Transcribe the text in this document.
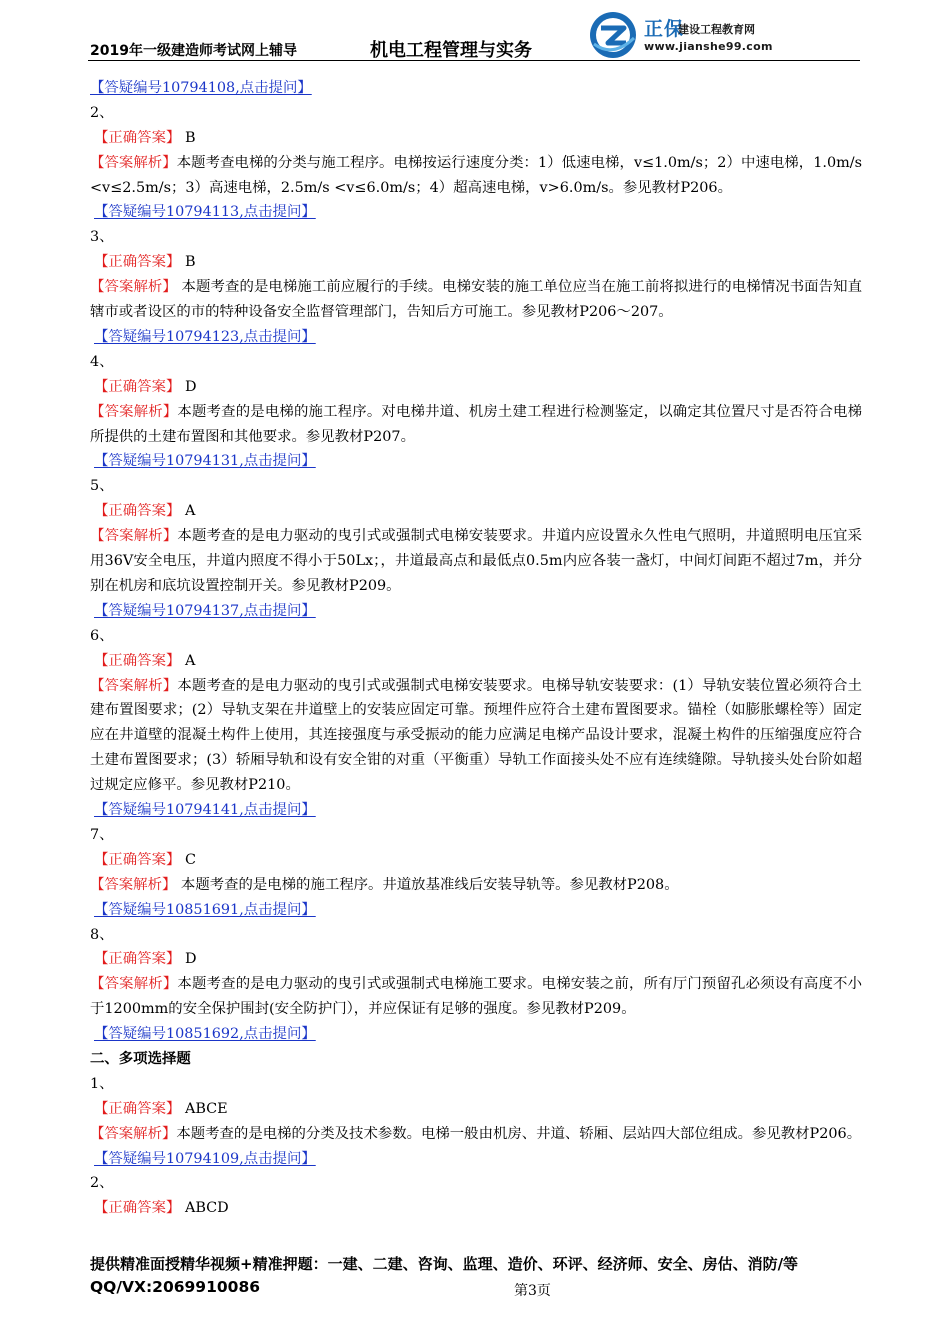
2019年一级建造师考试网上辅导	机电工程管理与实务
正保
建设工程教育网
www.jianshe99.com
【答疑编号10794108,点击提问】
2、
【正确答案】 B
【答案解析】本题考查电梯的分类与施工程序。电梯按运行速度分类：1）低速电梯，v≤1.0m/s；2）中速电梯，1.0m/s <v≤2.5m/s；3）高速电梯，2.5m/s <v≤6.0m/s；4）超高速电梯，v>6.0m/s。参见教材P206。
【答疑编号10794113,点击提问】
3、
【正确答案】 B
【答案解析】 本题考查的是电梯施工前应履行的手续。电梯安装的施工单位应当在施工前将拟进行的电梯情况书面告知直辖市或者设区的市的特种设备安全监督管理部门，告知后方可施工。参见教材P206～207。
【答疑编号10794123,点击提问】
4、
【正确答案】 D
【答案解析】本题考查的是电梯的施工程序。对电梯井道、机房土建工程进行检测鉴定，以确定其位置尺寸是否符合电梯所提供的土建布置图和其他要求。参见教材P207。
【答疑编号10794131,点击提问】
5、
【正确答案】 A
【答案解析】本题考查的是电力驱动的曳引式或强制式电梯安装要求。井道内应设置永久性电气照明，井道照明电压宜采用36V安全电压，井道内照度不得小于50Lx；，井道最高点和最低点0.5m内应各装一盏灯，中间灯间距不超过7m，并分别在机房和底坑设置控制开关。参见教材P209。
【答疑编号10794137,点击提问】
6、
【正确答案】 A
【答案解析】本题考查的是电力驱动的曳引式或强制式电梯安装要求。电梯导轨安装要求：(1）导轨安装位置必须符合土建布置图要求；(2）导轨支架在井道壁上的安装应固定可靠。预埋件应符合土建布置图要求。锚栓（如膨胀螺栓等）固定应在井道壁的混凝土构件上使用，其连接强度与承受振动的能力应满足电梯产品设计要求，混凝土构件的压缩强度应符合土建布置图要求；(3）轿厢导轨和设有安全钳的对重（平衡重）导轨工作面接头处不应有连续缝隙。导轨接头处台阶如超过规定应修平。参见教材P210。
【答疑编号10794141,点击提问】
7、
【正确答案】 C
【答案解析】 本题考查的是电梯的施工程序。井道放基准线后安装导轨等。参见教材P208。
【答疑编号10851691,点击提问】
8、
【正确答案】 D
【答案解析】本题考查的是电力驱动的曳引式或强制式电梯施工要求。电梯安装之前，所有厅门预留孔必须设有高度不小于1200mm的安全保护围封(安全防护门），并应保证有足够的强度。参见教材P209。
【答疑编号10851692,点击提问】
二、多项选择题
1、
【正确答案】 ABCE
【答案解析】本题考查的是电梯的分类及技术参数。电梯一般由机房、井道、轿厢、层站四大部位组成。参见教材P206。
【答疑编号10794109,点击提问】
2、
【正确答案】 ABCD
提供精准面授精华视频+精准押题：一建、二建、咨询、监理、造价、环评、经济师、安全、房估、消防/等
QQ/VX:2069910086	第3页
